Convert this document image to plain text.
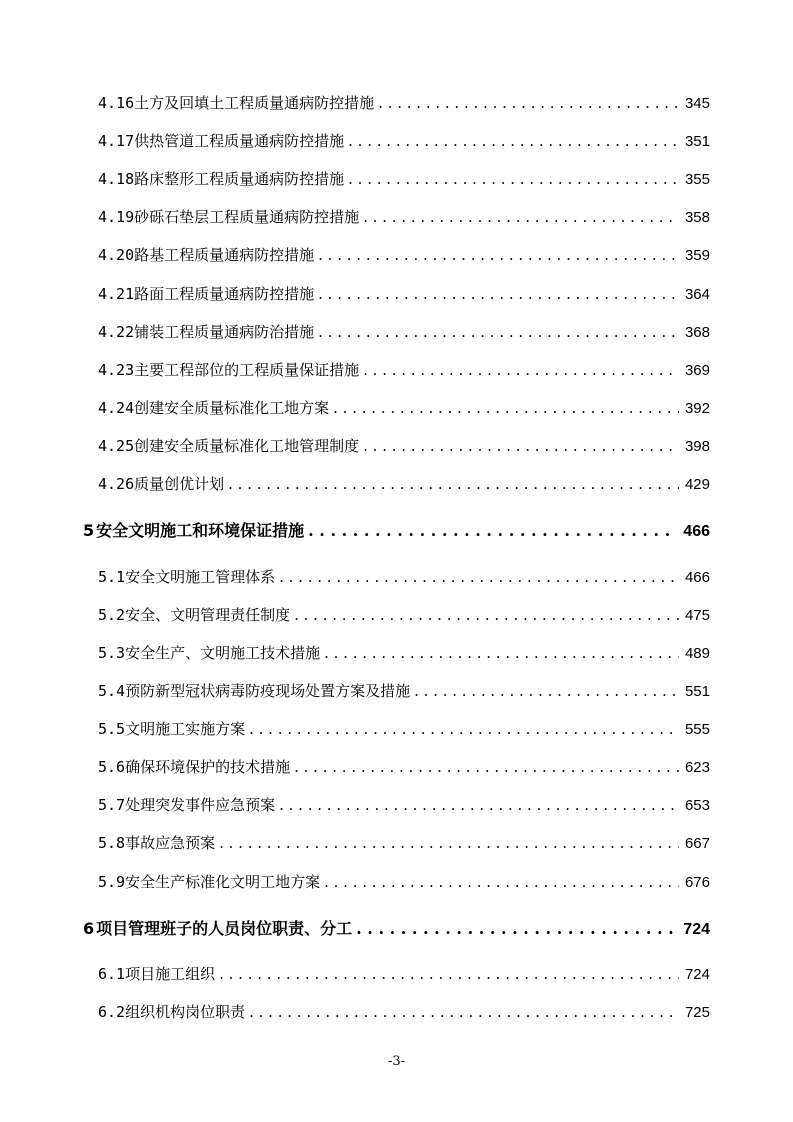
4.16 土方及回填土工程质量通病防控措施 . . .	345
4.17 供热管道工程质量通病防控措施 . . .	351
4.18 路床整形工程质量通病防控措施 . . .	355
4.19 砂砾石垫层工程质量通病防控措施 . . .	358
4.20 路基工程质量通病防控措施 . . .	359
4.21 路面工程质量通病防控措施 . . .	364
4.22 铺装工程质量通病防治措施 . . .	368
4.23 主要工程部位的工程质量保证措施 . . .	369
4.24 创建安全质量标准化工地方案 . . .	392
4.25 创建安全质量标准化工地管理制度 . . .	398
4.26 质量创优计划 . . .	429
5 安全文明施工和环境保证措施 . . .	466
5.1 安全文明施工管理体系 . . .	466
5.2 安全、文明管理责任制度 . . .	475
5.3 安全生产、文明施工技术措施 . . .	489
5.4 预防新型冠状病毒防疫现场处置方案及措施 . . .	551
5.5 文明施工实施方案 . . .	555
5.6 确保环境保护的技术措施 . . .	623
5.7 处理突发事件应急预案 . . .	653
5.8 事故应急预案 . . .	667
5.9 安全生产标准化文明工地方案 . . .	676
6 项目管理班子的人员岗位职责、分工 . . .	724
6.1 项目施工组织 . . .	724
6.2 组织机构岗位职责 . . .	725
-3-
